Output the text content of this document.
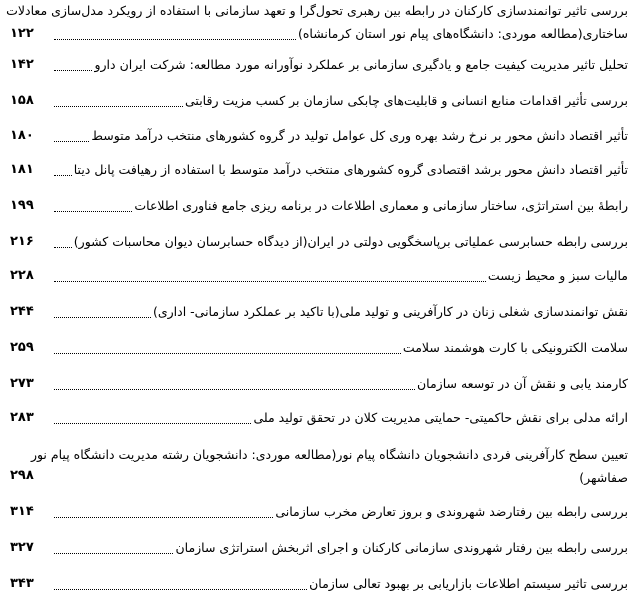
بررسی تاثیر توانمندسازی کارکنان در رابطه بین رهبری تحول‌گرا و تعهد سازمانی با استفاده از رویکرد مدل‌سازی معادلات
ساختاری(مطالعه موردی: دانشگاه‌های پیام نور استان کرمانشاه)
۱۲۲
تحلیل تاثیر مدیریت کیفیت جامع و یادگیری سازمانی بر عملکرد نوآورانه مورد مطالعه: شرکت ایران دارو
۱۴۲
بررسی تأثیر اقدامات منابع انسانی و قابلیت‌های چابکی سازمان بر کسب مزیت رقابتی
۱۵۸
تأثیر اقتصاد دانش محور بر نرخ رشد بهره وری کل عوامل تولید در گروه کشورهای منتخب درآمد متوسط
۱۸۰
تأثیر اقتصاد دانش محور برشد اقتصادی گروه کشورهای منتخب درآمد متوسط با استفاده از رهیافت پانل دیتا
۱۸۱
رابطۀ بین استراتژی، ساختار سازمانی و معماری اطلاعات در برنامه ریزی جامع فناوری اطلاعات
۱۹۹
بررسی رابطه حسابرسی عملیاتی برپاسخگویی دولتی در ایران(از دیدگاه حسابرسان دیوان محاسبات کشور)
۲۱۶
مالیات سبز و محیط زیست
۲۲۸
نقش توانمندسازی شغلی زنان در کارآفرینی و تولید ملی(با تاکید بر عملکرد سازمانی- اداری)
۲۴۴
سلامت الکترونیکی با کارت هوشمند سلامت
۲۵۹
کارمند یابی و نقش آن در توسعه سازمان
۲۷۳
ارائه مدلی برای نقش حاکمیتی- حمایتی مدیریت کلان در تحقق تولید ملی
۲۸۳
تعیین سطح کارآفرینی فردی دانشجویان دانشگاه پیام نور(مطالعه موردی: دانشجویان رشته مدیریت دانشگاه پیام نور
۲۹۸	صفاشهر)
بررسی رابطه بین رفتارضد شهروندی و بروز تعارض مخرب سازمانی
۳۱۴
بررسی رابطه بین رفتار شهروندی سازمانی کارکنان و اجرای اثربخش استراتژی سازمان
۳۲۷
بررسی تاثیر سیستم اطلاعات بازاریابی بر بهبود تعالی سازمان
۳۴۳
